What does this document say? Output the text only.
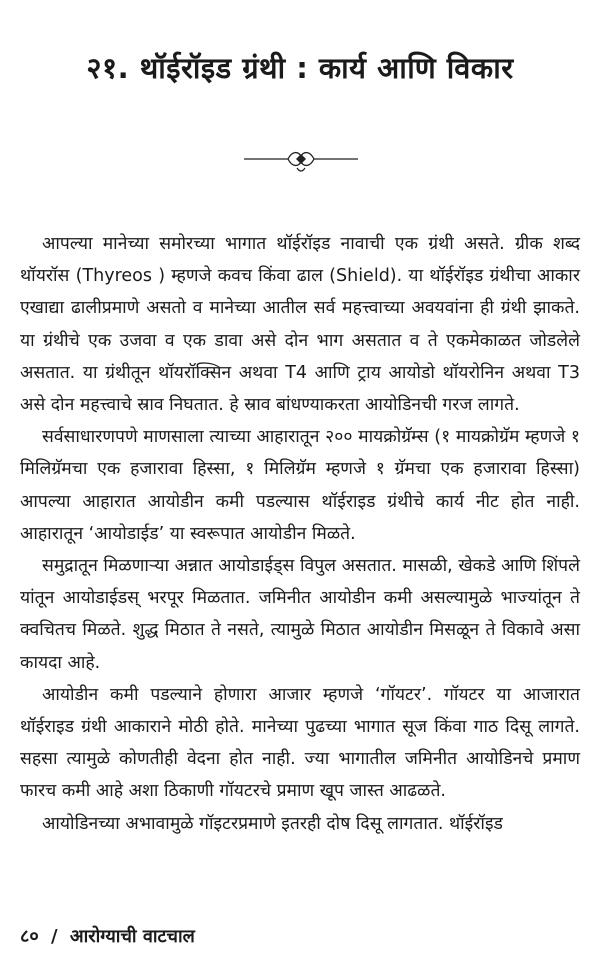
२१. थॉईरॉइड ग्रंथी : कार्य आणि विकार

आपल्या मानेच्या समोरच्या भागात थॉईरॉइड नावाची एक ग्रंथी असते. ग्रीक शब्द थॉयरॉस (Thyreos ) म्हणजे कवच किंवा ढाल (Shield). या थॉईरॉइड ग्रंथीचा आकार एखाद्या ढालीप्रमाणे असतो व मानेच्या आतील सर्व महत्त्वाच्या अवयवांना ही ग्रंथी झाकते. या ग्रंथीचे एक उजवा व एक डावा असे दोन भाग असतात व ते एकमेकाळत जोडलेले असतात. या ग्रंथीतून थॉयरॉक्सिन अथवा T4 आणि ट्राय आयोडो थॉयरोनिन अथवा T3 असे दोन महत्त्वाचे स्राव निघतात. हे स्राव बांधण्याकरता आयोडिनची गरज लागते.

सर्वसाधारणपणे माणसाला त्याच्या आहारातून २०० मायक्रोग्रॅम्स (१ मायक्रोग्रॅम म्हणजे १ मिलिग्रॅमचा एक हजारावा हिस्सा, १ मिलिग्रॅम म्हणजे १ ग्रॅमचा एक हजारावा हिस्सा) आपल्या आहारात आयोडीन कमी पडल्यास थॉईराइड ग्रंथीचे कार्य नीट होत नाही. आहारातून ‘आयोडाईड’ या स्वरूपात आयोडीन मिळते.

समुद्रातून मिळणाऱ्या अन्नात आयोडाईड्स विपुल असतात. मासळी, खेकडे आणि शिंपले यांतून आयोडाईडस् भरपूर मिळतात. जमिनीत आयोडीन कमी असल्यामुळे भाज्यांतून ते क्वचितच मिळते. शुद्ध मिठात ते नसते, त्यामुळे मिठात आयोडीन मिसळून ते विकावे असा कायदा आहे.

आयोडीन कमी पडल्याने होणारा आजार म्हणजे ‘गॉयटर’. गॉयटर या आजारात थॉईराइड ग्रंथी आकाराने मोठी होते. मानेच्या पुढच्या भागात सूज किंवा गाठ दिसू लागते. सहसा त्यामुळे कोणतीही वेदना होत नाही. ज्या भागातील जमिनीत आयोडिनचे प्रमाण फारच कमी आहे अशा ठिकाणी गॉयटरचे प्रमाण खूप जास्त आढळते.

आयोडिनच्या अभावामुळे गॉइटरप्रमाणे इतरही दोष दिसू लागतात. थॉईरॉइड

८० / आरोग्याची वाटचाल
